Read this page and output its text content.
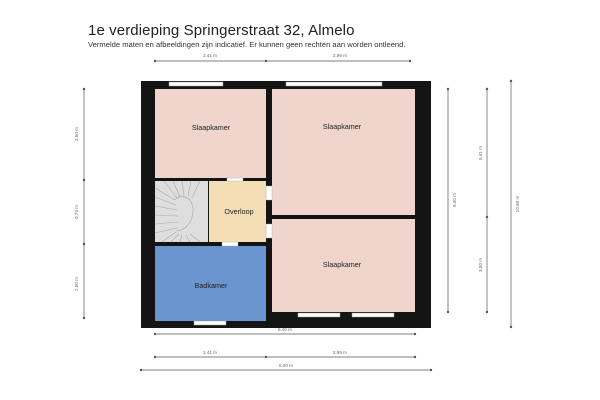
1e verdieping Springerstraat 32, Almelo
Vermelde maten en afbeeldingen zijn indicatief. Er kunnen geen rechten aan worden ontleend.
Slaapkamer	Slaapkamer
Slaapkamer
Overloop
Badkamer
2.41 m	2.99 m
2.50 m
0.74 m
2.50 m
5.40 m
5.41 m
3.00 m
10.60 m
5.40 m
2.41 m	2.99 m
5.00 m
